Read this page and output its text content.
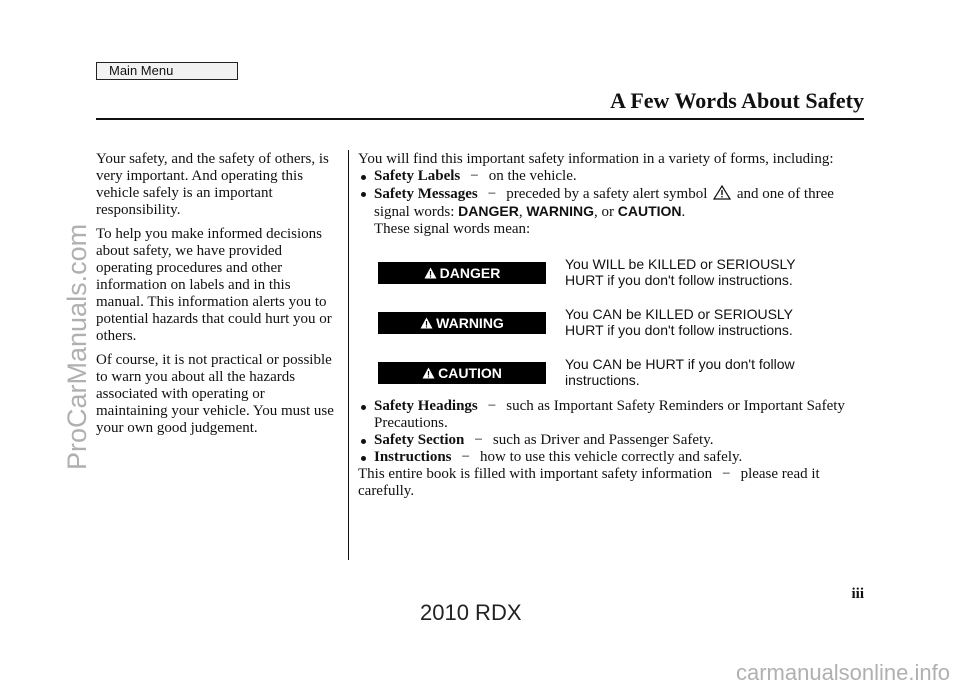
Main Menu
A Few Words About Safety
ProCarManuals.com

Your safety, and the safety of others, is very important. And operating this vehicle safely is an important responsibility.

To help you make informed decisions about safety, we have provided operating procedures and other information on labels and in this manual. This information alerts you to potential hazards that could hurt you or others.

Of course, it is not practical or possible to warn you about all the hazards associated with operating or maintaining your vehicle. You must use your own good judgement.

You will find this important safety information in a variety of forms, including:

Safety Labels − on the vehicle.

Safety Messages − preceded by a safety alert symbol and one of three signal words: DANGER, WARNING, or CAUTION.

These signal words mean:

DANGER
You WILL be KILLED or SERIOUSLY HURT if you don't follow instructions.
WARNING
You CAN be KILLED or SERIOUSLY HURT if you don't follow instructions.
CAUTION
You CAN be HURT if you don't follow instructions.

Safety Headings − such as Important Safety Reminders or Important Safety Precautions.

Safety Section − such as Driver and Passenger Safety.

Instructions − how to use this vehicle correctly and safely.

This entire book is filled with important safety information − please read it carefully.

iii
2010 RDX
carmanualsonline.info
